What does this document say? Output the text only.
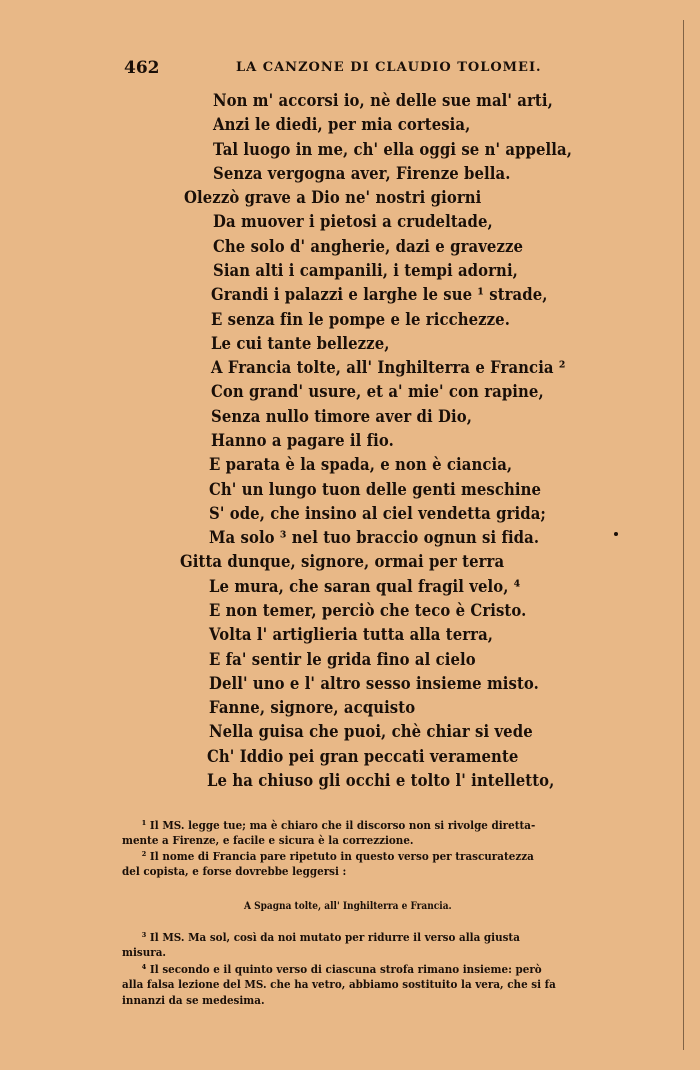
462	LA CANZONE DI CLAUDIO TOLOMEI.
Non m' accorsi io, nè delle sue mal' arti,
Anzi le diedi, per mia cortesia,
Tal luogo in me, ch' ella oggi se n' appella,
Senza vergogna aver, Firenze bella.
Olezzò grave a Dio ne' nostri giorni
Da muover i pietosi a crudeltade,
Che solo d' angherie, dazi e gravezze
Sian alti i campanili, i tempi adorni,
Grandi i palazzi e larghe le sue ¹ strade,
E senza fin le pompe e le ricchezze.
Le cui tante bellezze,
A Francia tolte, all' Inghilterra e Francia ²
Con grand' usure, et a' mie' con rapine,
Senza nullo timore aver di Dio,
Hanno a pagare il fio.
E parata è la spada, e non è ciancia,
Ch' un lungo tuon delle genti meschine
S' ode, che insino al ciel vendetta grida;
Ma solo ³ nel tuo braccio ognun si fida.
Gitta dunque, signore, ormai per terra
Le mura, che saran qual fragil velo, ⁴
E non temer, perciò che teco è Cristo.
Volta l' artiglieria tutta alla terra,
E fa' sentir le grida fino al cielo
Dell' uno e l' altro sesso insieme misto.
Fanne, signore, acquisto
Nella guisa che puoi, chè chiar si vede
Ch' Iddio pei gran peccati veramente
Le ha chiuso gli occhi e tolto l' intelletto,
¹ Il MS. legge tue; ma è chiaro che il discorso non si rivolge diretta-
mente a Firenze, e facile e sicura è la correzzione.
² Il nome di Francia pare ripetuto in questo verso per trascuratezza
del copista, e forse dovrebbe leggersi :
A Spagna tolte, all' Inghilterra e Francia.
³ Il MS. Ma sol, così da noi mutato per ridurre il verso alla giusta
misura.
⁴ Il secondo e il quinto verso di ciascuna strofa rimano insieme: però
alla falsa lezione del MS. che ha vetro, abbiamo sostituito la vera, che si fa
innanzi da se medesima.
